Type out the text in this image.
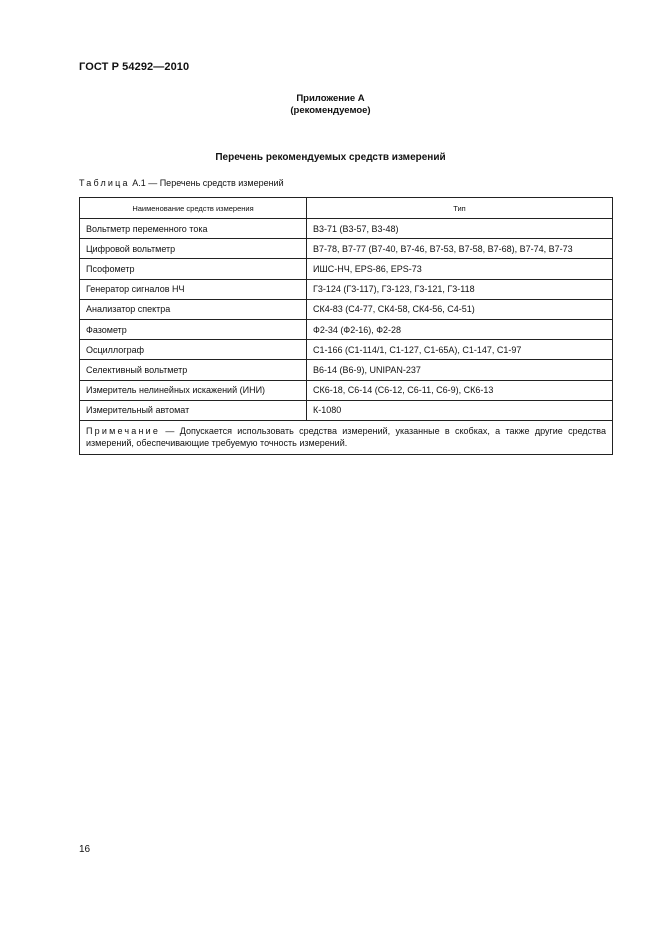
ГОСТ Р 54292—2010
Приложение А
(рекомендуемое)
Перечень рекомендуемых средств измерений
Таблица А.1 — Перечень средств измерений
Наименование средств измерения	Тип
Вольтметр переменного тока	В3-71 (В3-57, В3-48)
Цифровой вольтметр	В7-78, В7-77 (В7-40, В7-46, В7-53, В7-58, В7-68), В7-74, В7-73
Псофометр	ИШС-НЧ, EPS-86, EPS-73
Генератор сигналов НЧ	Г3-124 (Г3-117), Г3-123, Г3-121, Г3-118
Анализатор спектра	СК4-83 (С4-77, СК4-58, СК4-56, С4-51)
Фазометр	Ф2-34 (Ф2-16), Ф2-28
Осциллограф	С1-166 (С1-114/1, С1-127, С1-65А), С1-147, С1-97
Селективный вольтметр	В6-14 (В6-9), UNIPAN-237
Измеритель нелинейных искажений (ИНИ)	СК6-18, С6-14 (С6-12, С6-11, С6-9), СК6-13
Измерительный автомат	К-1080
Примечание — Допускается использовать средства измерений, указанные в скобках, а также другие средства измерений, обеспечивающие требуемую точность измерений.	
16
